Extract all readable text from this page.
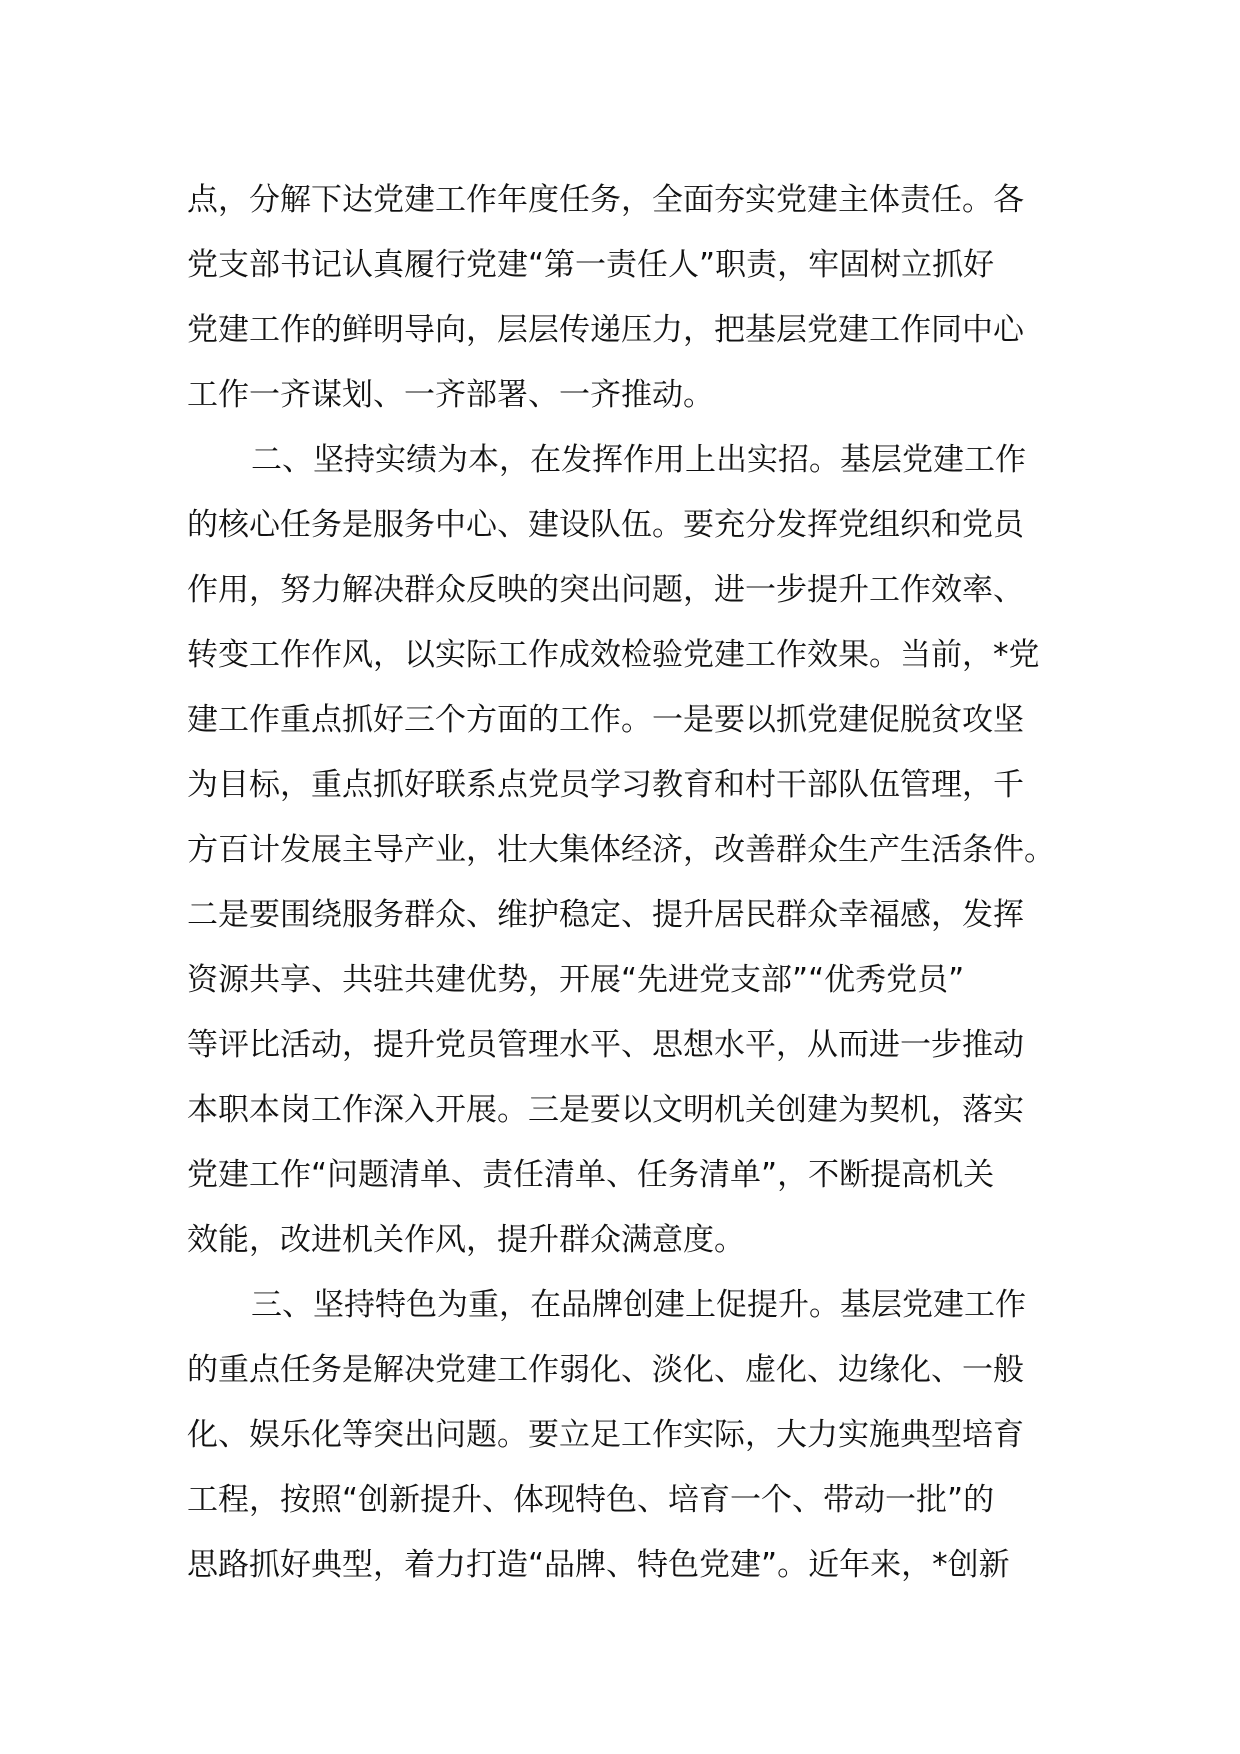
点，分解下达党建工作年度任务，全面夯实党建主体责任。各
党支部书记认真履行党建“第一责任人”职责，牢固树立抓好
党建工作的鲜明导向，层层传递压力，把基层党建工作同中心
工作一齐谋划、一齐部署、一齐推动。
二、坚持实绩为本，在发挥作用上出实招。基层党建工作
的核心任务是服务中心、建设队伍。要充分发挥党组织和党员
作用，努力解决群众反映的突出问题，进一步提升工作效率、
转变工作作风，以实际工作成效检验党建工作效果。当前，*党
建工作重点抓好三个方面的工作。一是要以抓党建促脱贫攻坚
为目标，重点抓好联系点党员学习教育和村干部队伍管理，千
方百计发展主导产业，壮大集体经济，改善群众生产生活条件。
二是要围绕服务群众、维护稳定、提升居民群众幸福感，发挥
资源共享、共驻共建优势，开展“先进党支部”“优秀党员”
等评比活动，提升党员管理水平、思想水平，从而进一步推动
本职本岗工作深入开展。三是要以文明机关创建为契机，落实
党建工作“问题清单、责任清单、任务清单”，不断提高机关
效能，改进机关作风，提升群众满意度。
三、坚持特色为重，在品牌创建上促提升。基层党建工作
的重点任务是解决党建工作弱化、淡化、虚化、边缘化、一般
化、娱乐化等突出问题。要立足工作实际，大力实施典型培育
工程，按照“创新提升、体现特色、培育一个、带动一批”的
思路抓好典型，着力打造“品牌、特色党建”。近年来，*创新
